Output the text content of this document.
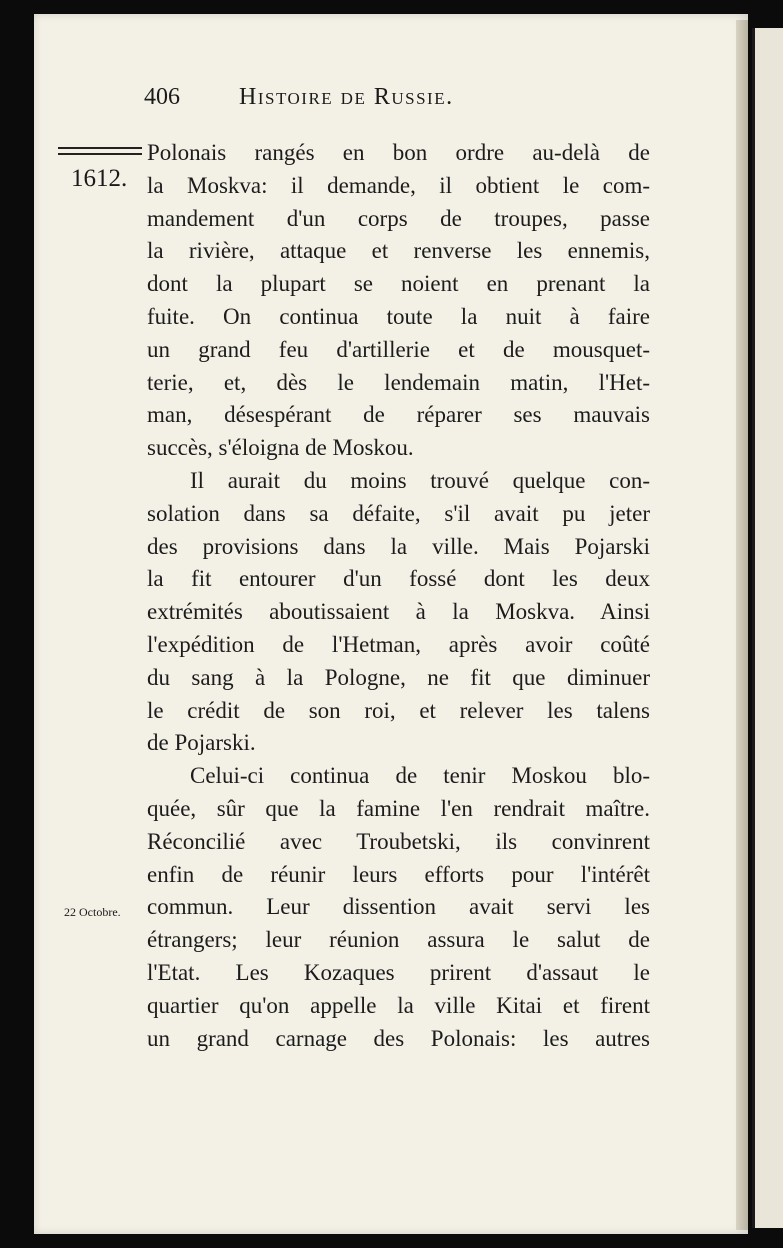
406 Histoire de Russie.
1612.
22 Octobre.
Polonais rangés en bon ordre au-delà de
la Moskva: il demande, il obtient le com-
mandement d'un corps de troupes, passe
la rivière, attaque et renverse les ennemis,
dont la plupart se noient en prenant la
fuite. On continua toute la nuit à faire
un grand feu d'artillerie et de mousquet-
terie, et, dès le lendemain matin, l'Het-
man, désespérant de réparer ses mauvais
succès, s'éloigna de Moskou.
Il aurait du moins trouvé quelque con-
solation dans sa défaite, s'il avait pu jeter
des provisions dans la ville. Mais Pojarski
la fit entourer d'un fossé dont les deux
extrémités aboutissaient à la Moskva. Ainsi
l'expédition de l'Hetman, après avoir coûté
du sang à la Pologne, ne fit que diminuer
le crédit de son roi, et relever les talens
de Pojarski.
Celui-ci continua de tenir Moskou blo-
quée, sûr que la famine l'en rendrait maître.
Réconcilié avec Troubetski, ils convinrent
enfin de réunir leurs efforts pour l'intérêt
commun. Leur dissention avait servi les
étrangers; leur réunion assura le salut de
l'Etat. Les Kozaques prirent d'assaut le
quartier qu'on appelle la ville Kitai et firent
un grand carnage des Polonais: les autres
